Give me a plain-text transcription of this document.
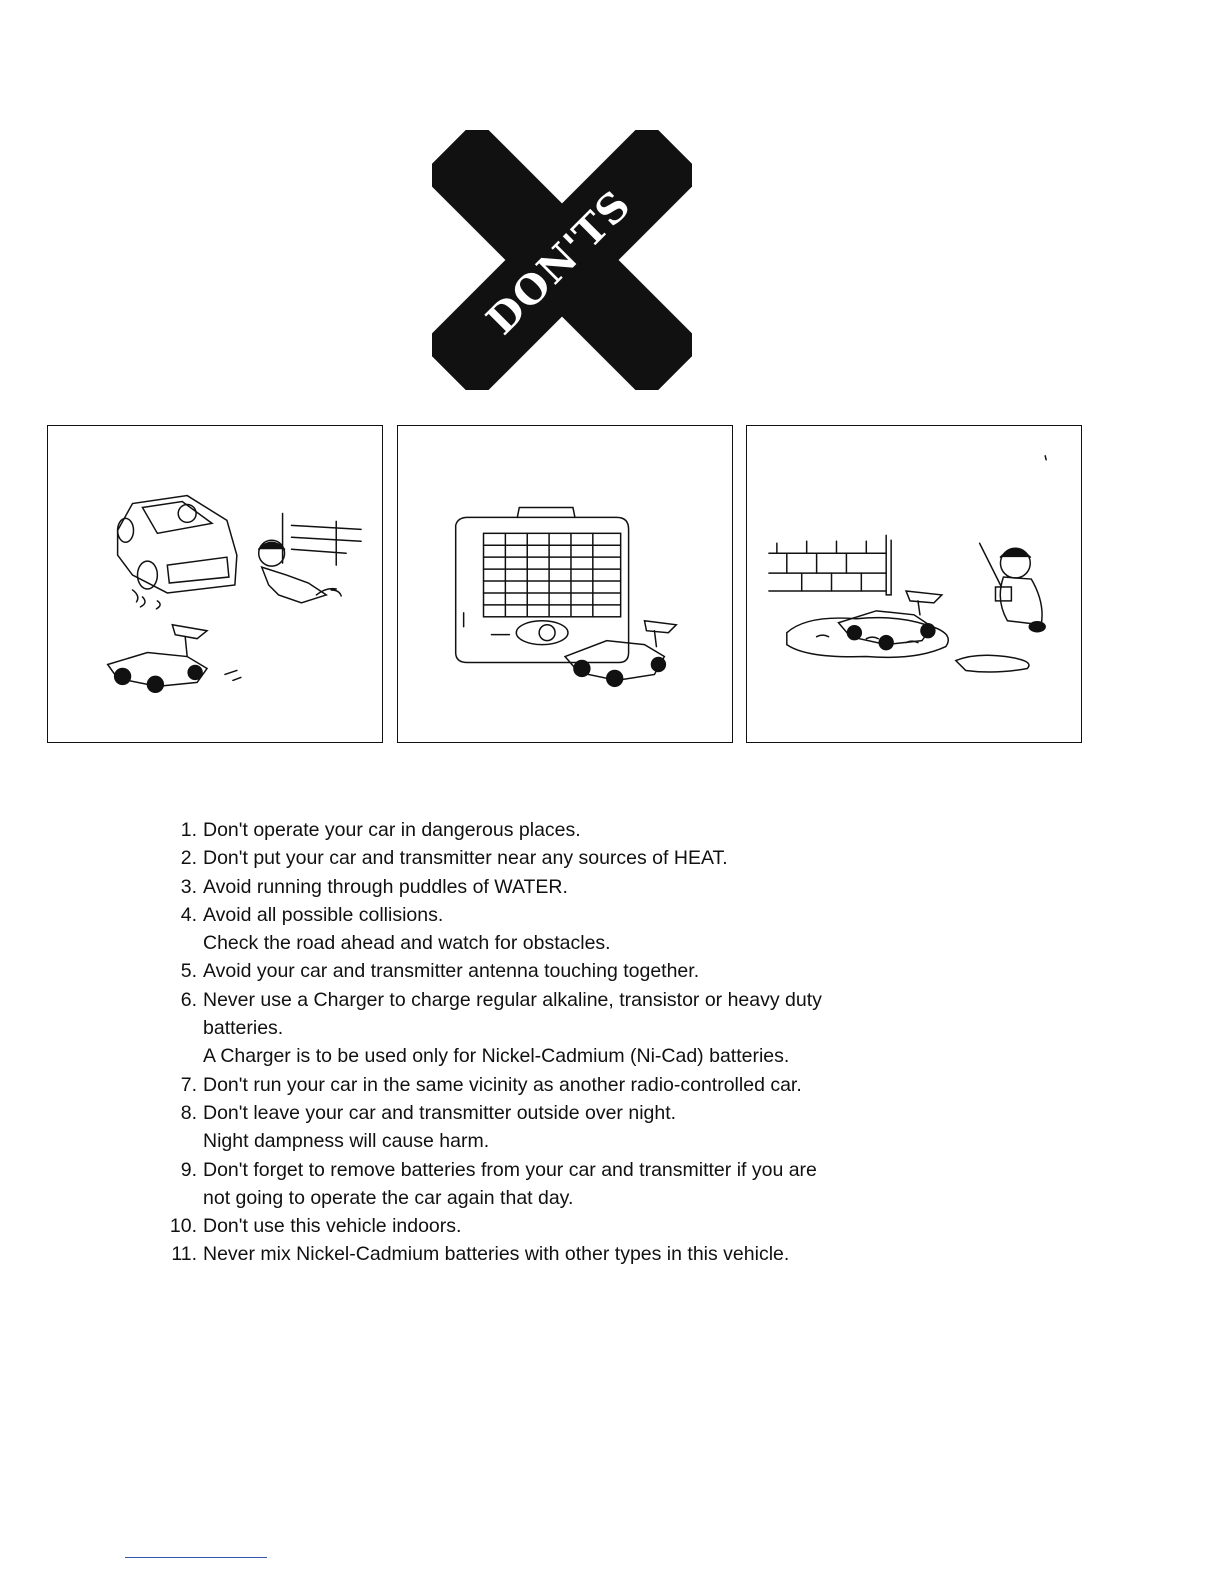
DON'TS
1. Don't operate your car in dangerous places.
2. Don't put your car and transmitter near any sources of HEAT.
3. Avoid running through puddles of WATER.
4. Avoid all possible collisions.
Check the road ahead and watch for obstacles.
5. Avoid your car and transmitter antenna touching together.
6. Never use a Charger to charge regular alkaline, transistor or heavy duty
batteries.
A Charger is to be used only for Nickel-Cadmium (Ni-Cad) batteries.
7. Don't run your car in the same vicinity as another radio-controlled car.
8. Don't leave your car and transmitter outside over night.
Night dampness will cause harm.
9. Don't forget to remove batteries from your car and transmitter if you are
not going to operate the car again that day.
10. Don't use this vehicle indoors.
11. Never mix Nickel-Cadmium batteries with other types in this vehicle.
